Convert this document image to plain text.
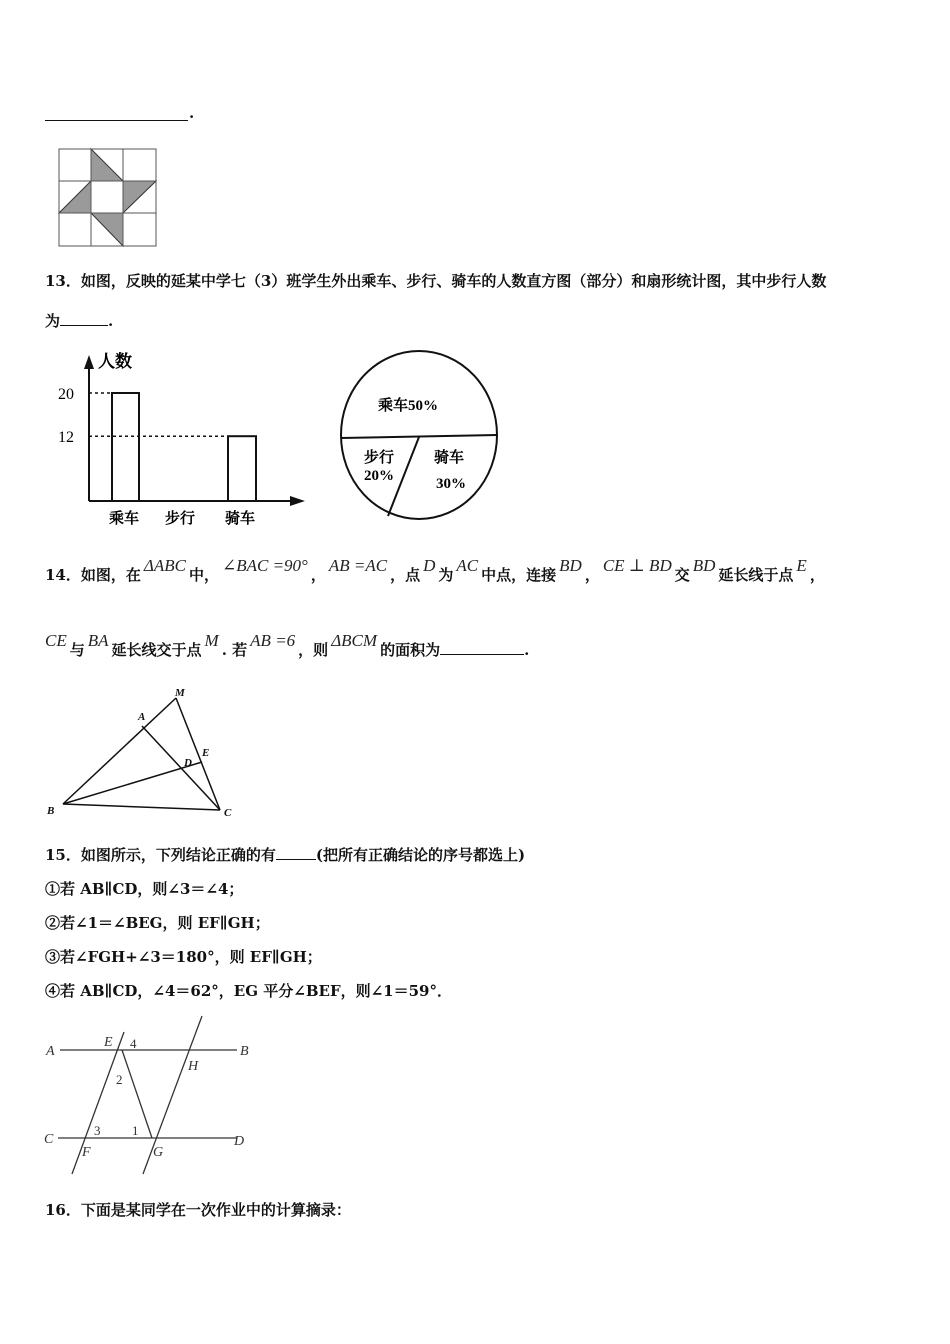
.
13．如图，反映的延某中学七（3）班学生外出乘车、步行、骑车的人数直方图（部分）和扇形统计图，其中步行人数
为	.
人数
乘车 步行 骑车
20
12
乘车50%
步行
20%
骑车
30%
14．如图，在 ΔABC 中， ∠BAC =90° ， AB =AC ，点 D 为 AC 中点，连接 BD ， CE ⊥ BD 交 BD 延长线于点 E ，
CE 与 BA 延长线交于点 M . 若 AB =6 ，则 ΔBCM 的面积为	.
M
A
E
D
B	C
15．如图所示，下列结论正确的有	(把所有正确结论的序号都选上)
①若 AB∥CD，则∠3＝∠4；
②若∠1＝∠BEG，则 EF∥GH；
③若∠FGH+∠3＝180°，则 EF∥GH；
④若 AB∥CD，∠4＝62°，EG 平分∠BEF，则∠1＝59°．
A
E
B
H
C	D
F	G
4
2
3 1
16．下面是某同学在一次作业中的计算摘录：
